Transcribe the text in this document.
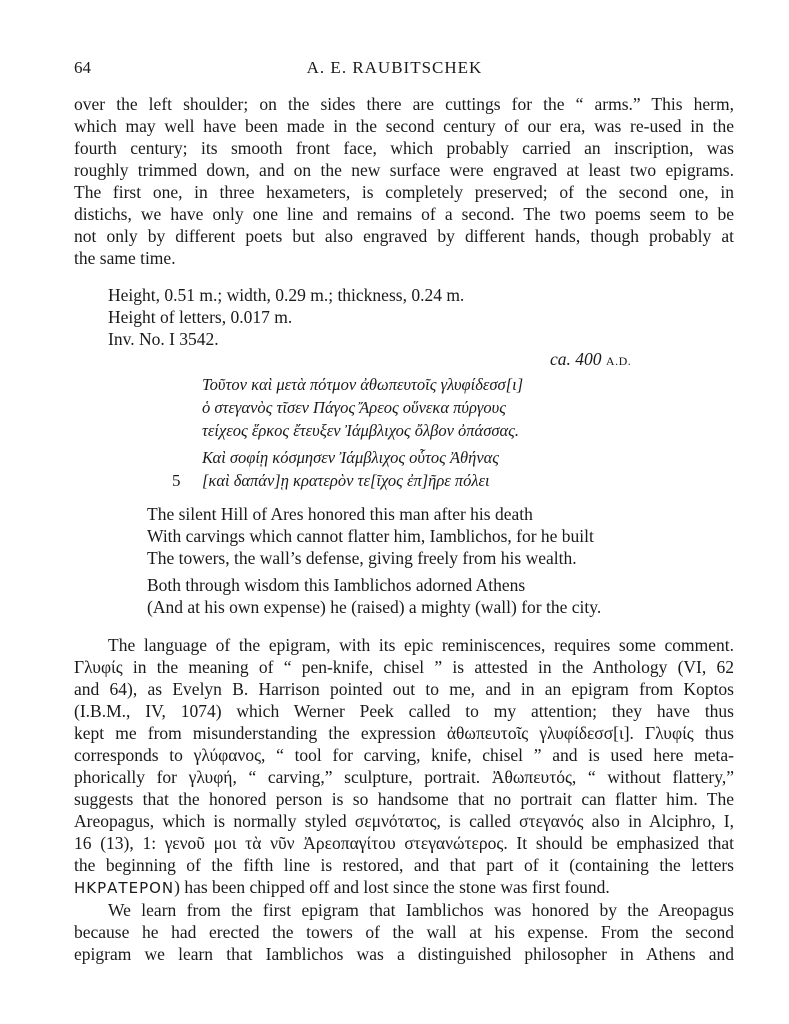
64	A. E. RAUBITSCHEK
over the left shoulder; on the sides there are cuttings for the “ arms.” This herm,
which may well have been made in the second century of our era, was re-used in the
fourth century; its smooth front face, which probably carried an inscription, was
roughly trimmed down, and on the new surface were engraved at least two epigrams.
The first one, in three hexameters, is completely preserved; of the second one, in
distichs, we have only one line and remains of a second. The two poems seem to be
not only by different poets but also engraved by different hands, though probably at
the same time.
Height, 0.51 m.; width, 0.29 m.; thickness, 0.24 m.
Height of letters, 0.017 m.
Inv. No. I 3542.
ca. 400 A.D.
Τοῦτον καὶ μετὰ πότμον ἀθωπευτοῖς γλυφίδεσσ[ι]
ὁ στεγανὸς τῖσεν Πάγος Ἄρεος οὕνεκα πύργους
τείχεος ἕρκος ἔτευξεν Ἰάμβλιχος ὄλβον ὀπάσσας.
Καὶ σοφίῃ κόσμησεν Ἰάμβλιχος οὗτος Ἀθήνας
5 [καὶ δαπάν]ῃ κρατερὸν τε[ῖχος ἐπ]ῆρε πόλει
The silent Hill of Ares honored this man after his death
With carvings which cannot flatter him, Iamblichos, for he built
The towers, the wall’s defense, giving freely from his wealth.
Both through wisdom this Iamblichos adorned Athens
(And at his own expense) he (raised) a mighty (wall) for the city.
The language of the epigram, with its epic reminiscences, requires some comment.
Γλυφίς in the meaning of “ pen-knife, chisel ” is attested in the Anthology (VI, 62
and 64), as Evelyn B. Harrison pointed out to me, and in an epigram from Koptos
(I.B.M., IV, 1074) which Werner Peek called to my attention; they have thus
kept me from misunderstanding the expression ἀθωπευτοῖς γλυφίδεσσ[ι]. Γλυφίς thus
corresponds to γλύφανος, “ tool for carving, knife, chisel ” and is used here meta-
phorically for γλυφή, “ carving,” sculpture, portrait. Ἀθωπευτός, “ without flattery,”
suggests that the honored person is so handsome that no portrait can flatter him. The
Areopagus, which is normally styled σεμνότατος, is called στεγανός also in Alciphro, I,
16 (13), 1: γενοῦ μοι τὰ νῦν Ἀρεοπαγίτου στεγανώτερος. It should be emphasized that
the beginning of the fifth line is restored, and that part of it (containing the letters
ΗΚΡΑΤΕΡΟΝ) has been chipped off and lost since the stone was first found.
We learn from the first epigram that Iamblichos was honored by the Areopagus
because he had erected the towers of the wall at his expense. From the second
epigram we learn that Iamblichos was a distinguished philosopher in Athens and
